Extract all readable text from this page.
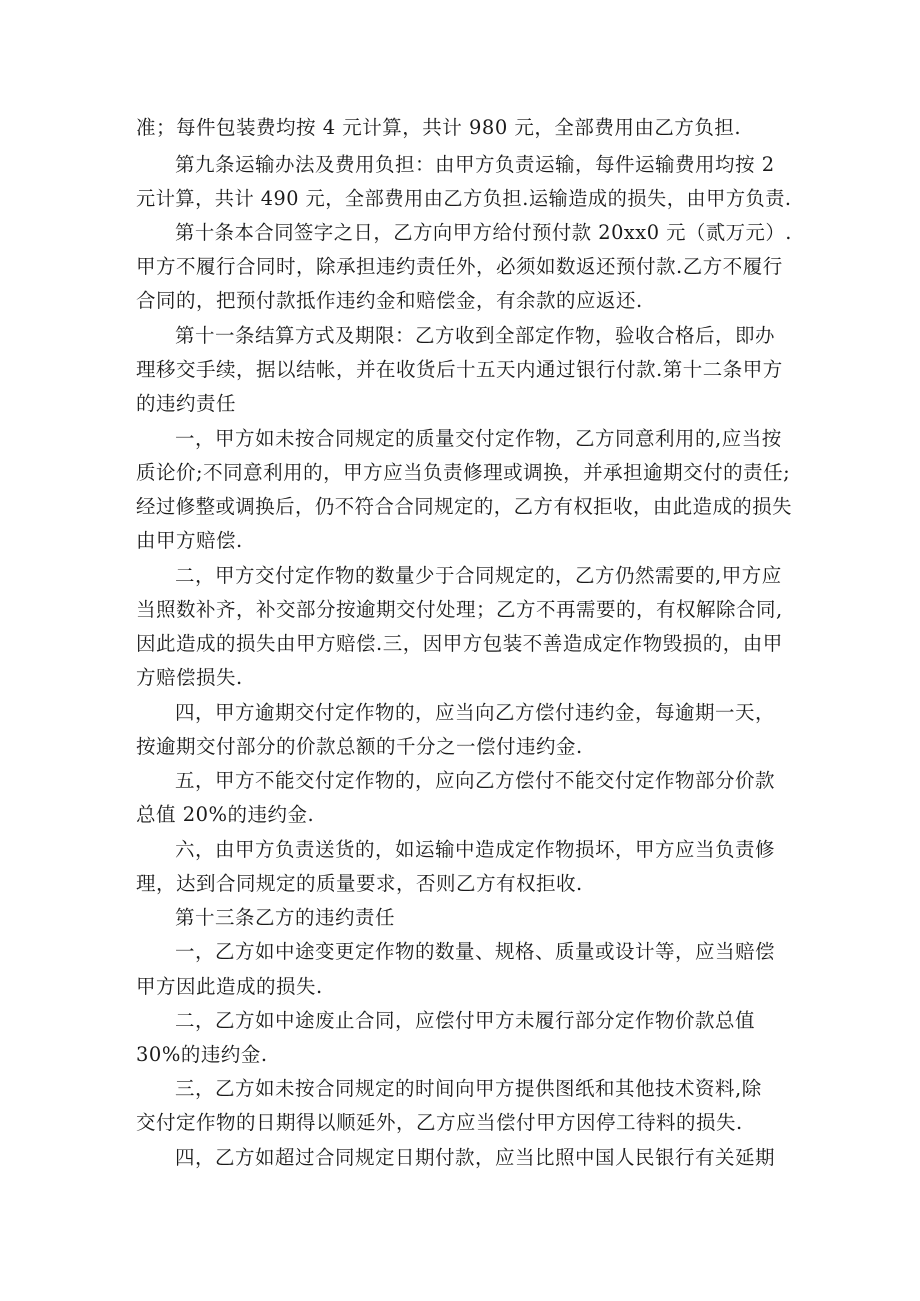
准；每件包装费均按 4 元计算，共计 980 元，全部费用由乙方负担.
第九条运输办法及费用负担：由甲方负责运输，每件运输费用均按 2
元计算，共计 490 元，全部费用由乙方负担.运输造成的损失，由甲方负责.
第十条本合同签字之日，乙方向甲方给付预付款 20xx0 元（贰万元）.
甲方不履行合同时，除承担违约责任外，必须如数返还预付款.乙方不履行
合同的，把预付款抵作违约金和赔偿金，有余款的应返还.
第十一条结算方式及期限：乙方收到全部定作物，验收合格后，即办
理移交手续，据以结帐，并在收货后十五天内通过银行付款.第十二条甲方
的违约责任
一，甲方如未按合同规定的质量交付定作物，乙方同意利用的,应当按
质论价;不同意利用的，甲方应当负责修理或调换，并承担逾期交付的责任;
经过修整或调换后，仍不符合合同规定的，乙方有权拒收，由此造成的损失
由甲方赔偿.
二，甲方交付定作物的数量少于合同规定的，乙方仍然需要的,甲方应
当照数补齐，补交部分按逾期交付处理；乙方不再需要的，有权解除合同,
因此造成的损失由甲方赔偿.三，因甲方包装不善造成定作物毁损的，由甲
方赔偿损失.
四，甲方逾期交付定作物的，应当向乙方偿付违约金，每逾期一天，
按逾期交付部分的价款总额的千分之一偿付违约金.
五，甲方不能交付定作物的，应向乙方偿付不能交付定作物部分价款
总值 20%的违约金.
六，由甲方负责送货的，如运输中造成定作物损坏，甲方应当负责修
理，达到合同规定的质量要求，否则乙方有权拒收.
第十三条乙方的违约责任
一，乙方如中途变更定作物的数量、规格、质量或设计等，应当赔偿
甲方因此造成的损失.
二，乙方如中途废止合同，应偿付甲方未履行部分定作物价款总值
30%的违约金.
三，乙方如未按合同规定的时间向甲方提供图纸和其他技术资料,除
交付定作物的日期得以顺延外，乙方应当偿付甲方因停工待料的损失.
四，乙方如超过合同规定日期付款，应当比照中国人民银行有关延期
